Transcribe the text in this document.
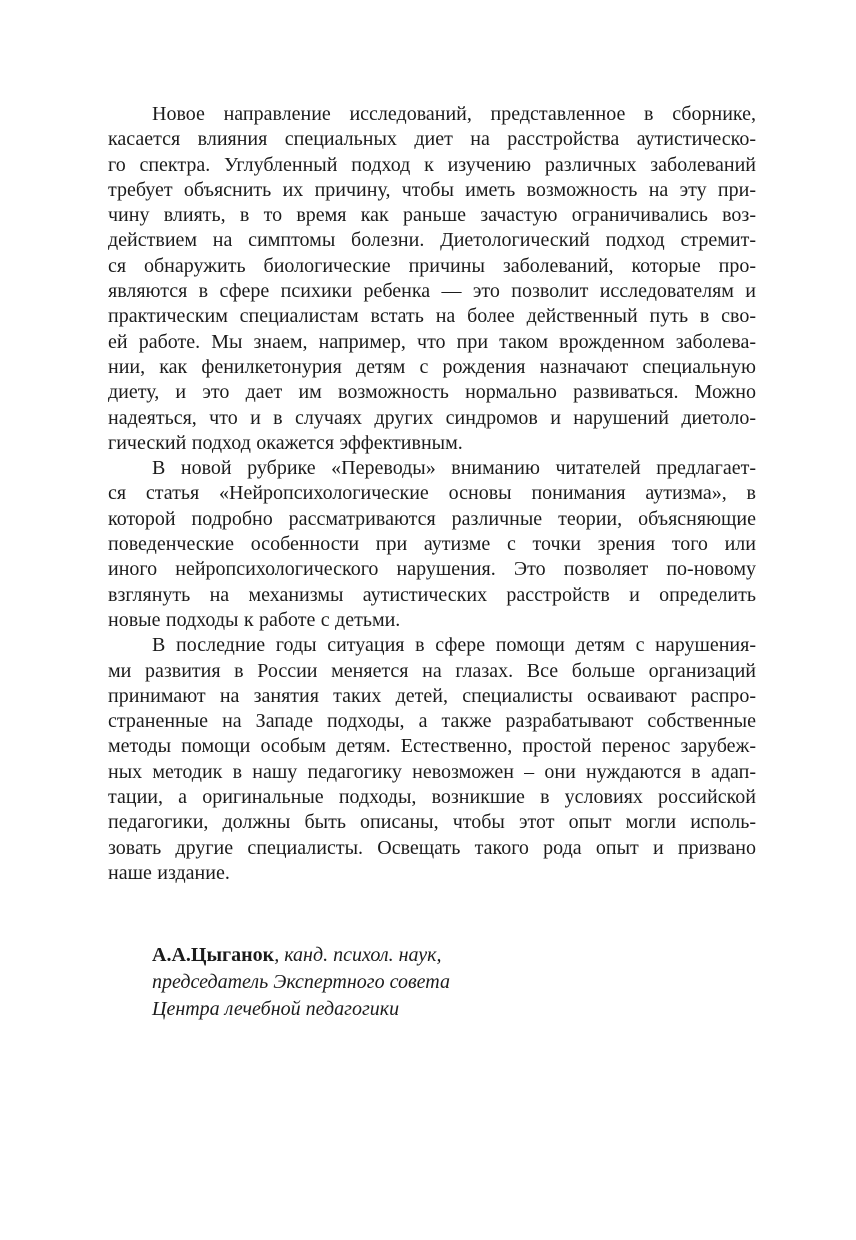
Новое направление исследований, представленное в сборнике,
касается влияния специальных диет на расстройства аутистическо-
го спектра. Углубленный подход к изучению различных заболеваний
требует объяснить их причину, чтобы иметь возможность на эту при-
чину влиять, в то время как раньше зачастую ограничивались воз-
действием на симптомы болезни. Диетологический подход стремит-
ся обнаружить биологические причины заболеваний, которые про-
являются в сфере психики ребенка — это позволит исследователям и
практическим специалистам встать на более действенный путь в сво-
ей работе. Мы знаем, например, что при таком врожденном заболева-
нии, как фенилкетонурия детям с рождения назначают специальную
диету, и это дает им возможность нормально развиваться. Можно
надеяться, что и в случаях других синдромов и нарушений диетоло-
гический подход окажется эффективным.
В новой рубрике «Переводы» вниманию читателей предлагает-
ся статья «Нейропсихологические основы понимания аутизма», в
которой подробно рассматриваются различные теории, объясняющие
поведенческие особенности при аутизме с точки зрения того или
иного нейропсихологического нарушения. Это позволяет по-новому
взглянуть на механизмы аутистических расстройств и определить
новые подходы к работе с детьми.
В последние годы ситуация в сфере помощи детям с нарушения-
ми развития в России меняется на глазах. Все больше организаций
принимают на занятия таких детей, специалисты осваивают распро-
страненные на Западе подходы, а также разрабатывают собственные
методы помощи особым детям. Естественно, простой перенос зарубеж-
ных методик в нашу педагогику невозможен – они нуждаются в адап-
тации, а оригинальные подходы, возникшие в условиях российской
педагогики, должны быть описаны, чтобы этот опыт могли исполь-
зовать другие специалисты. Освещать такого рода опыт и призвано
наше издание.
А.А.Цыганок, канд. психол. наук,
председатель Экспертного совета
Центра лечебной педагогики
